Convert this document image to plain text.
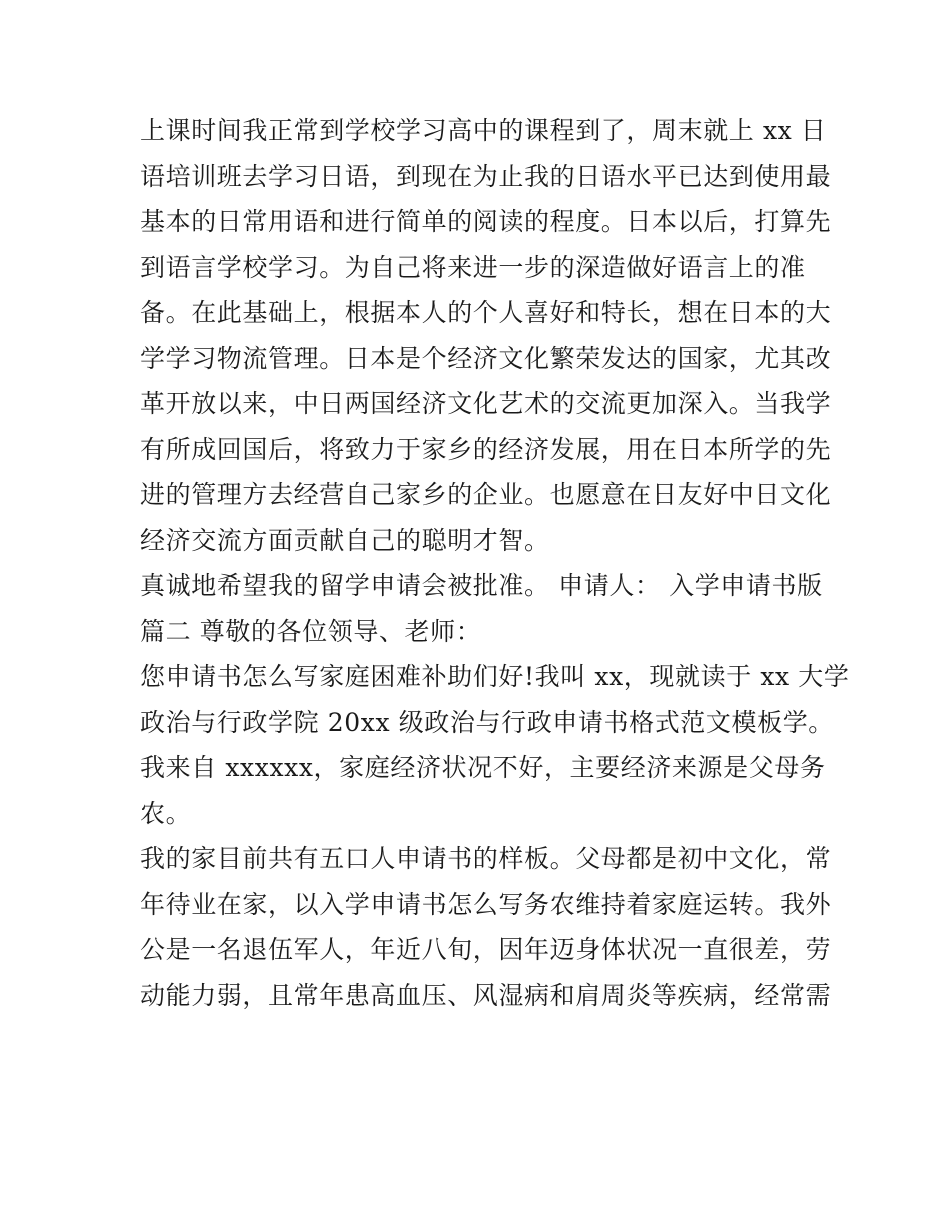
上课时间我正常到学校学习高中的课程到了，周末就上 xx 日
语培训班去学习日语，到现在为止我的日语水平已达到使用最
基本的日常用语和进行简单的阅读的程度。日本以后，打算先
到语言学校学习。为自己将来进一步的深造做好语言上的准
备。在此基础上，根据本人的个人喜好和特长，想在日本的大
学学习物流管理。日本是个经济文化繁荣发达的国家，尤其改
革开放以来，中日两国经济文化艺术的交流更加深入。当我学
有所成回国后，将致力于家乡的经济发展，用在日本所学的先
进的管理方去经营自己家乡的企业。也愿意在日友好中日文化
经济交流方面贡献自己的聪明才智。
真诚地希望我的留学申请会被批准。 申请人： 入学申请书版
篇二 尊敬的各位领导、老师：
您申请书怎么写家庭困难补助们好!我叫 xx，现就读于 xx 大学
政治与行政学院 20xx 级政治与行政申请书格式范文模板学。
我来自 xxxxxx，家庭经济状况不好，主要经济来源是父母务
农。
我的家目前共有五口人申请书的样板。父母都是初中文化，常
年待业在家，以入学申请书怎么写务农维持着家庭运转。我外
公是一名退伍军人，年近八旬，因年迈身体状况一直很差，劳
动能力弱，且常年患高血压、风湿病和肩周炎等疾病，经常需
